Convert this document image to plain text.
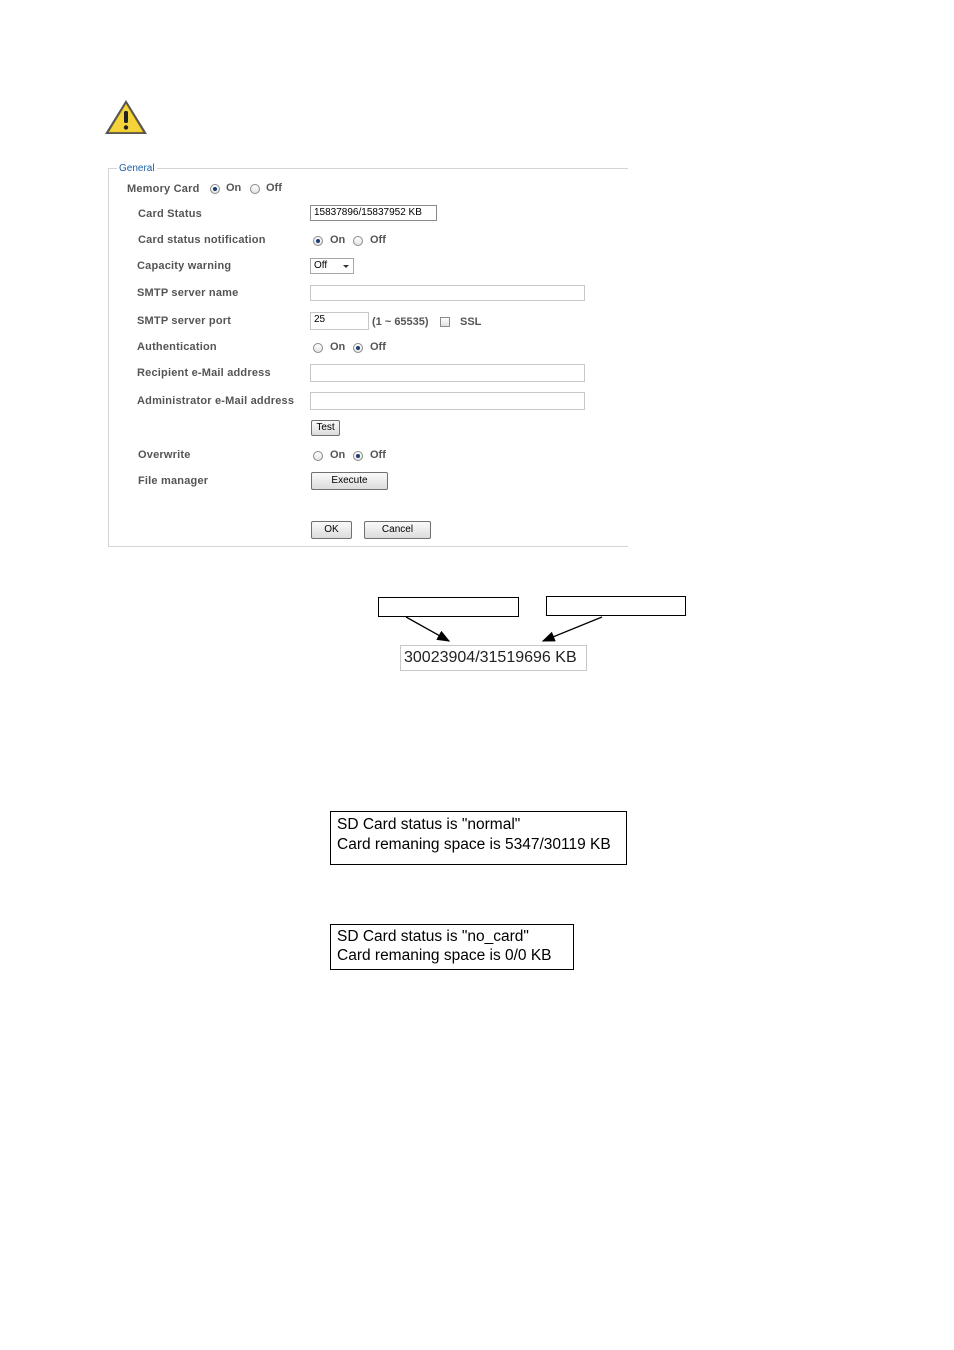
General
Memory Card On Off
Card Status	15837896/15837952 KB
Card status notification	On Off
Capacity warning	Off
SMTP server name
SMTP server port	25	(1 ~ 65535)	SSL
Authentication	On Off
Recipient e-Mail address
Administrator e-Mail address
Test
Overwrite	On Off
File manager	Execute
OK	Cancel
30023904/31519696 KB
SD Card status is "normal"
Card remaning space is 5347/30119 KB
SD Card status is "no_card"
Card remaning space is 0/0 KB
